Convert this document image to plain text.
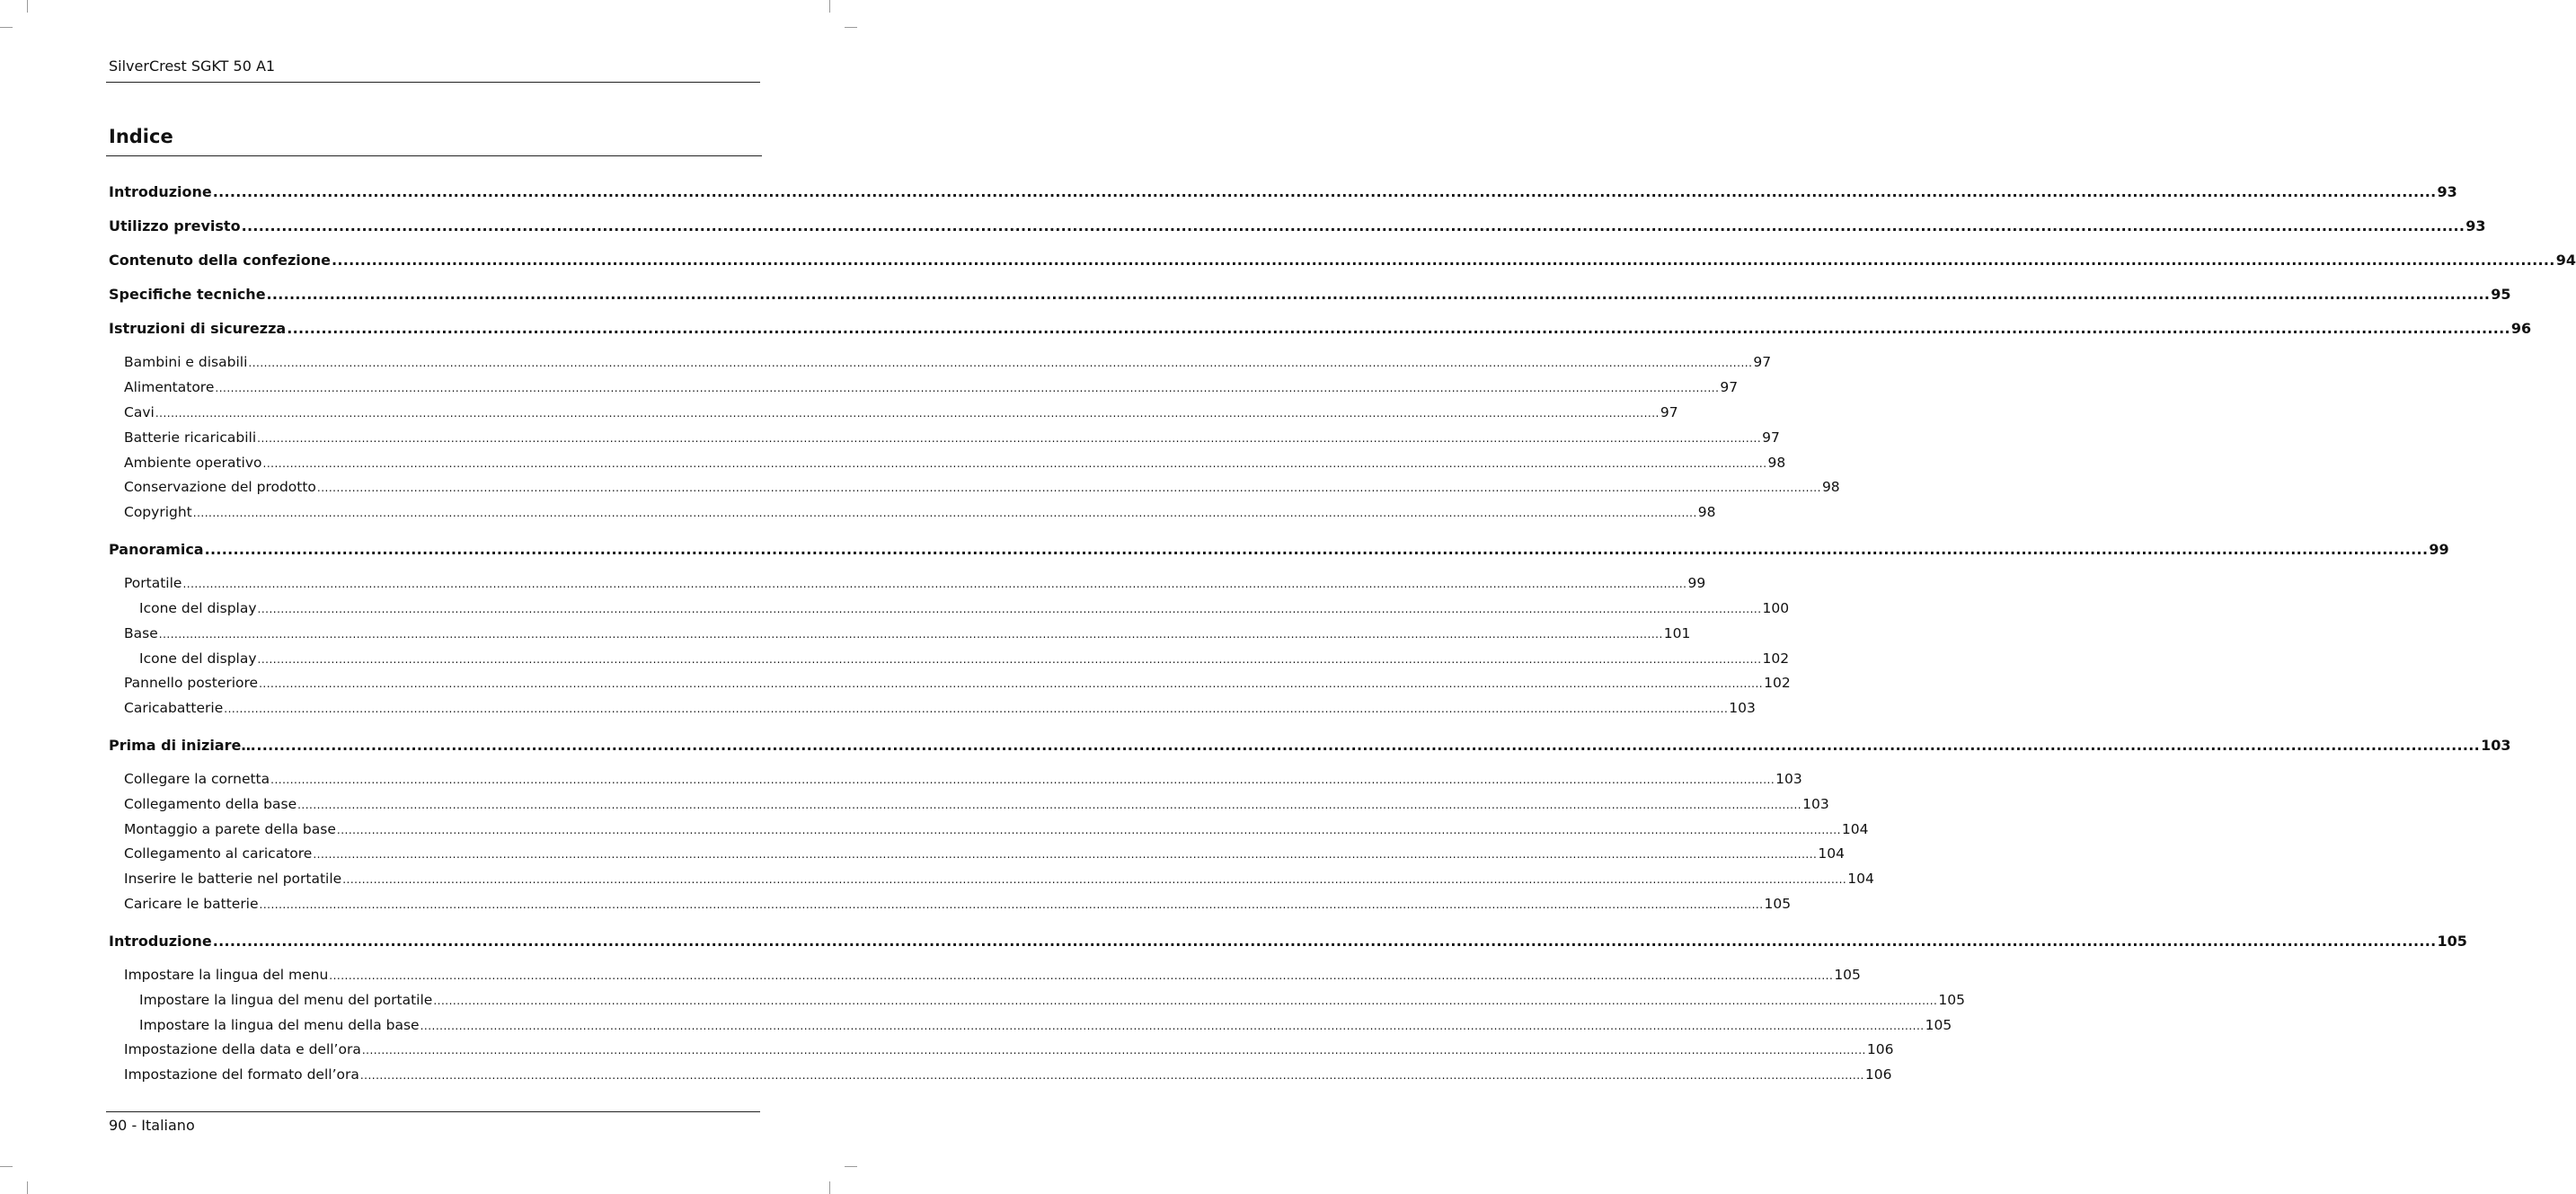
SilverCrest SGKT 50 A1
Indice
Introduzione .................................................................................................................................................................................................................................................................................................................................................................................................... 93
Utilizzo previsto .................................................................................................................................................................................................................................................................................................................................................................................................... 93
Contenuto della confezione .................................................................................................................................................................................................................................................................................................................................................................................................... 94
Specifiche tecniche .................................................................................................................................................................................................................................................................................................................................................................................................... 95
Istruzioni di sicurezza .................................................................................................................................................................................................................................................................................................................................................................................................... 96
Bambini e disabili .................................................................................................................................................................................................................................................................................................................................................................................................... 97
Alimentatore .................................................................................................................................................................................................................................................................................................................................................................................................... 97
Cavi .................................................................................................................................................................................................................................................................................................................................................................................................... 97
Batterie ricaricabili .................................................................................................................................................................................................................................................................................................................................................................................................... 97
Ambiente operativo .................................................................................................................................................................................................................................................................................................................................................................................................... 98
Conservazione del prodotto .................................................................................................................................................................................................................................................................................................................................................................................................... 98
Copyright .................................................................................................................................................................................................................................................................................................................................................................................................... 98
Panoramica .................................................................................................................................................................................................................................................................................................................................................................................................... 99
Portatile .................................................................................................................................................................................................................................................................................................................................................................................................... 99
Icone del display .................................................................................................................................................................................................................................................................................................................................................................................................... 100
Base .................................................................................................................................................................................................................................................................................................................................................................................................... 101
Icone del display .................................................................................................................................................................................................................................................................................................................................................................................................... 102
Pannello posteriore .................................................................................................................................................................................................................................................................................................................................................................................................... 102
Caricabatterie .................................................................................................................................................................................................................................................................................................................................................................................................... 103
Prima di iniziare… .................................................................................................................................................................................................................................................................................................................................................................................................... 103
Collegare la cornetta .................................................................................................................................................................................................................................................................................................................................................................................................... 103
Collegamento della base .................................................................................................................................................................................................................................................................................................................................................................................................... 103
Montaggio a parete della base .................................................................................................................................................................................................................................................................................................................................................................................................... 104
Collegamento al caricatore .................................................................................................................................................................................................................................................................................................................................................................................................... 104
Inserire le batterie nel portatile .................................................................................................................................................................................................................................................................................................................................................................................................... 104
Caricare le batterie .................................................................................................................................................................................................................................................................................................................................................................................................... 105
Introduzione .................................................................................................................................................................................................................................................................................................................................................................................................... 105
Impostare la lingua del menu .................................................................................................................................................................................................................................................................................................................................................................................................... 105
Impostare la lingua del menu del portatile .................................................................................................................................................................................................................................................................................................................................................................................................... 105
Impostare la lingua del menu della base .................................................................................................................................................................................................................................................................................................................................................................................................... 105
Impostazione della data e dell’ora .................................................................................................................................................................................................................................................................................................................................................................................................... 106
Impostazione del formato dell’ora .................................................................................................................................................................................................................................................................................................................................................................................................... 106
90 - Italiano
